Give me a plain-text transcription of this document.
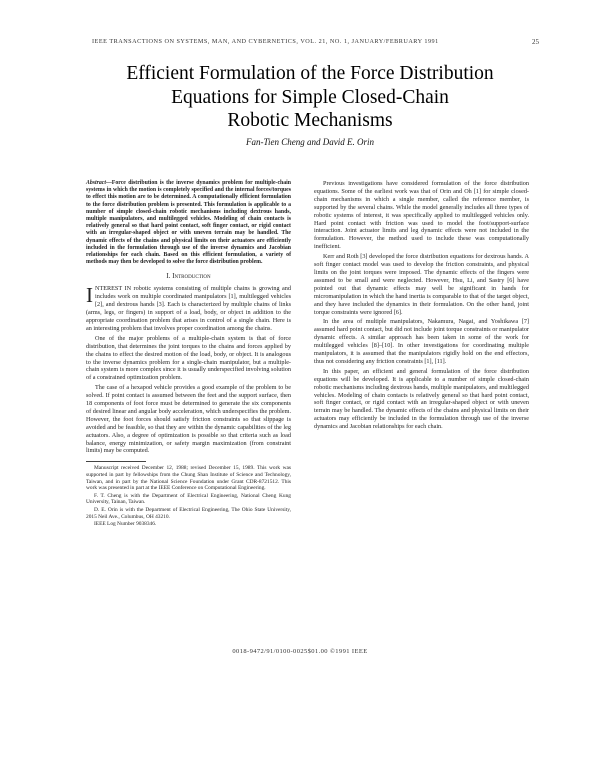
IEEE TRANSACTIONS ON SYSTEMS, MAN, AND CYBERNETICS, VOL. 21, NO. 1, JANUARY/FEBRUARY 1991	25
Efficient Formulation of the Force Distribution
Equations for Simple Closed-Chain
Robotic Mechanisms
Fan-Tien Cheng and David E. Orin
Abstract—Force distribution is the inverse dynamics problem for multiple-chain systems in which the motion is completely specified and the internal forces/torques to effect this motion are to be determined. A computationally efficient formulation to the force distribution problem is presented. This formulation is applicable to a number of simple closed-chain robotic mechanisms including dextrous hands, multiple manipulators, and multilegged vehicles. Modeling of chain contacts is relatively general so that hard point contact, soft finger contact, or rigid contact with an irregular-shaped object or with uneven terrain may be handled. The dynamic effects of the chains and physical limits on their actuators are efficiently included in the formulation through use of the inverse dynamics and Jacobian relationships for each chain. Based on this efficient formulation, a variety of methods may then be developed to solve the force distribution problem.
I. Introduction

INTEREST IN robotic systems consisting of multiple chains is growing and includes work on multiple coordinated manipulators [1], multilegged vehicles [2], and dextrous hands [3]. Each is characterized by multiple chains of links (arms, legs, or fingers) in support of a load, body, or object in addition to the appropriate coordination problem that arises in control of a single chain. Here is an interesting problem that involves proper coordination among the chains.

One of the major problems of a multiple-chain system is that of force distribution, that determines the joint torques to the chains and forces applied by the chains to effect the desired motion of the load, body, or object. It is analogous to the inverse dynamics problem for a single-chain manipulator, but a multiple-chain system is more complex since it is usually underspecified involving solution of a constrained optimization problem.

The case of a hexapod vehicle provides a good example of the problem to be solved. If point contact is assumed between the feet and the support surface, then 18 components of foot force must be determined to generate the six components of desired linear and angular body acceleration, which underspecifies the problem. However, the foot forces should satisfy friction constraints so that slippage is avoided and be feasible, so that they are within the dynamic capabilities of the leg actuators. Also, a degree of optimization is possible so that criteria such as load balance, energy minimization, or safety margin maximization (from constraint limits) may be computed.

Manuscript received December 12, 1988; revised December 15, 1989. This work was supported in part by fellowships from the Chung Shan Institute of Science and Technology, Taiwan, and in part by the National Science Foundation under Grant CDR-8721512. This work was presented in part at the IEEE Conference on Computational Engineering.
F. T. Cheng is with the Department of Electrical Engineering, National Cheng Kung University, Tainan, Taiwan.
D. E. Orin is with the Department of Electrical Engineering, The Ohio State University, 2015 Neil Ave., Columbus, OH 43210.
IEEE Log Number 9038346.

Previous investigations have considered formulation of the force distribution equations. Some of the earliest work was that of Orin and Oh [1] for simple closed-chain mechanisms in which a single member, called the reference member, is supported by the several chains. While the model generally includes all three types of robotic systems of interest, it was specifically applied to multilegged vehicles only. Hard point contact with friction was used to model the foot/support-surface interaction. Joint actuator limits and leg dynamic effects were not included in the formulation. However, the method used to include these was computationally inefficient.

Kerr and Roth [3] developed the force distribution equations for dextrous hands. A soft finger contact model was used to develop the friction constraints, and physical limits on the joint torques were imposed. The dynamic effects of the fingers were assumed to be small and were neglected. However, Hsu, Li, and Sastry [6] have pointed out that dynamic effects may well be significant in hands for micromanipulation in which the hand inertia is comparable to that of the target object, and they have included the dynamics in their formulation. On the other hand, joint torque constraints were ignored [6].

In the area of multiple manipulators, Nakamura, Nagai, and Yoshikawa [7] assumed hard point contact, but did not include joint torque constraints or manipulator dynamic effects. A similar approach has been taken in some of the work for multilegged vehicles [8]–[10]. In other investigations for coordinating multiple manipulators, it is assumed that the manipulators rigidly hold on the end effectors, thus not considering any friction constraints [1], [11].

In this paper, an efficient and general formulation of the force distribution equations will be developed. It is applicable to a number of simple closed-chain robotic mechanisms including dextrous hands, multiple manipulators, and multilegged vehicles. Modeling of chain contacts is relatively general so that hard point contact, soft finger contact, or rigid contact with an irregular-shaped object or with uneven terrain may be handled. The dynamic effects of the chains and physical limits on their actuators may efficiently be included in the formulation through use of the inverse dynamics and Jacobian relationships for each chain.

0018-9472/91/0100-0025$01.00 ©1991 IEEE
